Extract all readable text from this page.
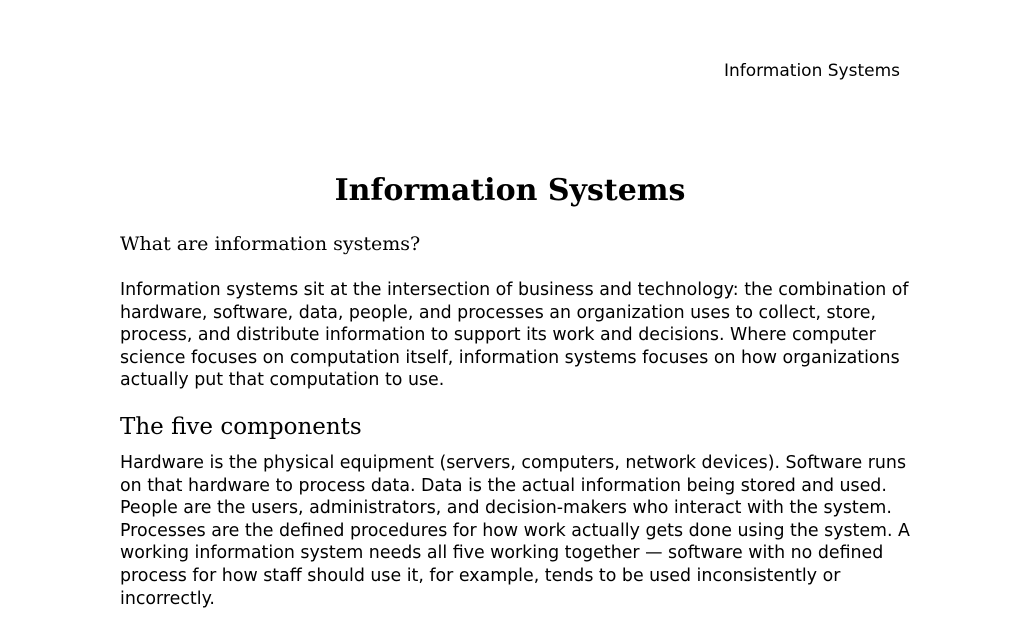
Information Systems
Information Systems
What are information systems?

Information systems sit at the intersection of business and technology: the combination of hardware, software, data, people, and processes an organization uses to collect, store, process, and distribute information to support its work and decisions. Where computer science focuses on computation itself, information systems focuses on how organizations actually put that computation to use.

The five components

Hardware is the physical equipment (servers, computers, network devices). Software runs on that hardware to process data. Data is the actual information being stored and used. People are the users, administrators, and decision-makers who interact with the system. Processes are the defined procedures for how work actually gets done using the system. A working information system needs all five working together — software with no defined process for how staff should use it, for example, tends to be used inconsistently or incorrectly.
